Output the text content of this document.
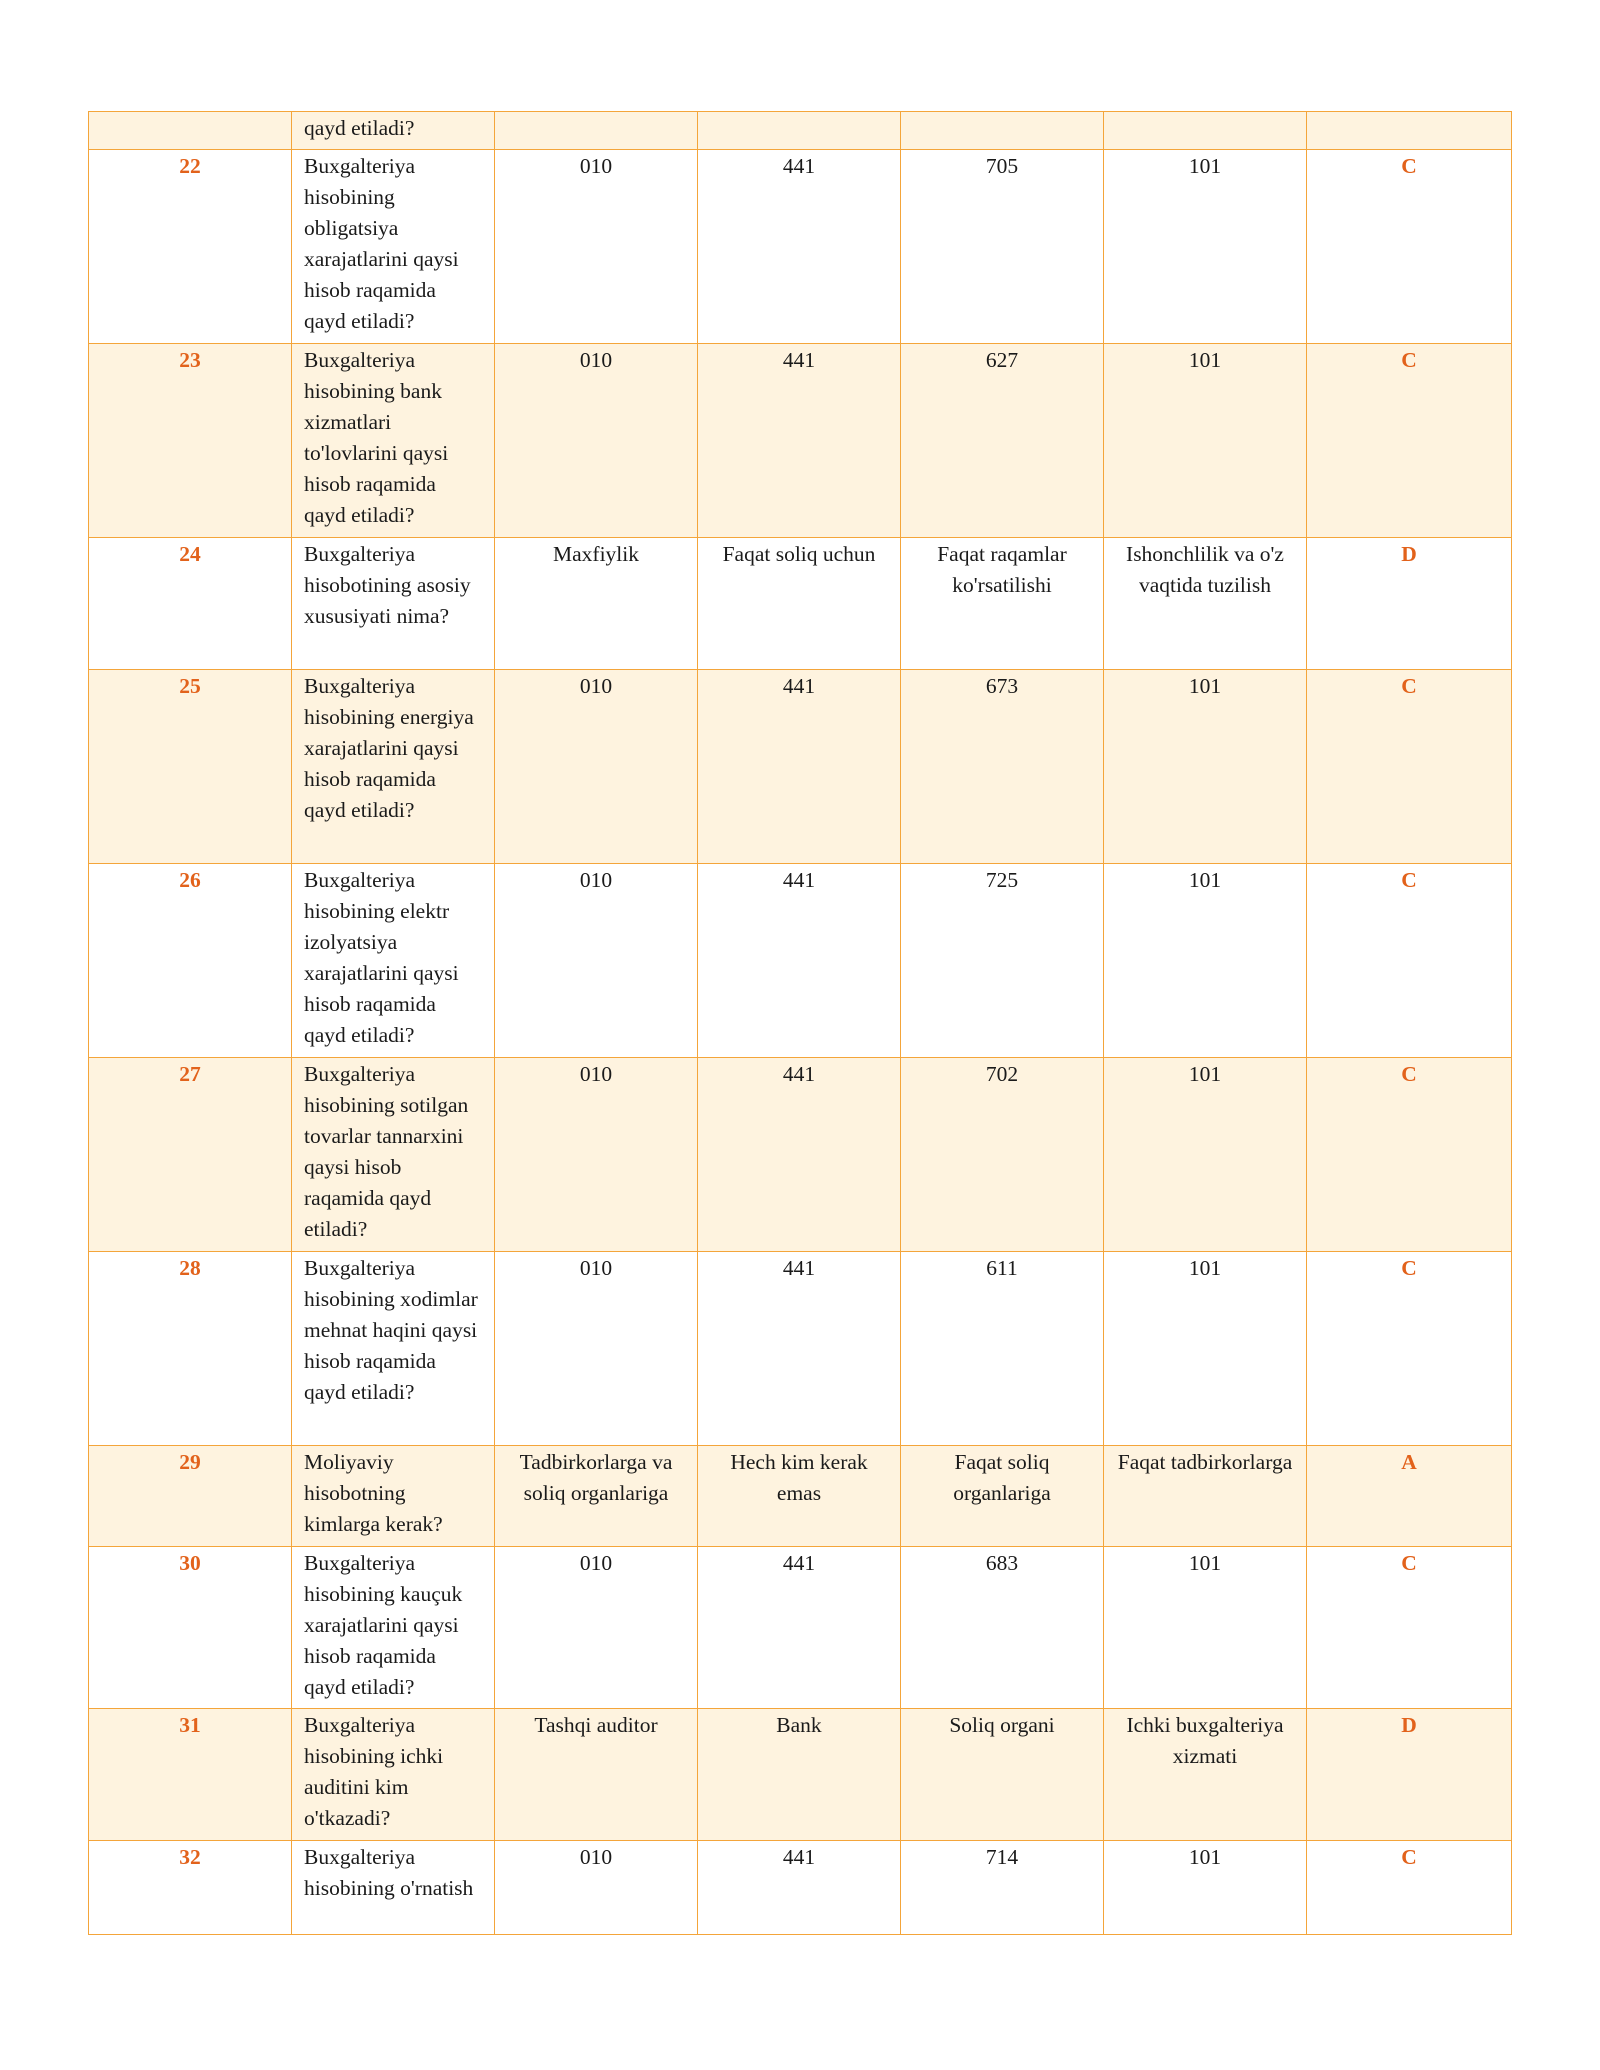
	qayd etiladi?					
22	Buxgalteriya hisobining obligatsiya xarajatlarini qaysi hisob raqamida qayd etiladi?	010	441	705	101	C
23	Buxgalteriya hisobining bank xizmatlari to'lovlarini qaysi hisob raqamida qayd etiladi?	010	441	627	101	C
24	Buxgalteriya hisobotining asosiy xususiyati nima?	Maxfiylik	Faqat soliq uchun	Faqat raqamlar ko'rsatilishi	Ishonchlilik va o'z vaqtida tuzilish	D
25	Buxgalteriya hisobining energiya xarajatlarini qaysi hisob raqamida qayd etiladi?	010	441	673	101	C
26	Buxgalteriya hisobining elektr izolyatsiya xarajatlarini qaysi hisob raqamida qayd etiladi?	010	441	725	101	C
27	Buxgalteriya hisobining sotilgan tovarlar tannarxini qaysi hisob raqamida qayd etiladi?	010	441	702	101	C
28	Buxgalteriya hisobining xodimlar mehnat haqini qaysi hisob raqamida qayd etiladi?	010	441	611	101	C
29	Moliyaviy hisobotning kimlarga kerak?	Tadbirkorlarga va soliq organlariga	Hech kim kerak emas	Faqat soliq organlariga	Faqat tadbirkorlarga	A
30	Buxgalteriya hisobining kauçuk xarajatlarini qaysi hisob raqamida qayd etiladi?	010	441	683	101	C
31	Buxgalteriya hisobining ichki auditini kim o'tkazadi?	Tashqi auditor	Bank	Soliq organi	Ichki buxgalteriya xizmati	D
32	Buxgalteriya hisobining o'rnatish	010	441	714	101	C
